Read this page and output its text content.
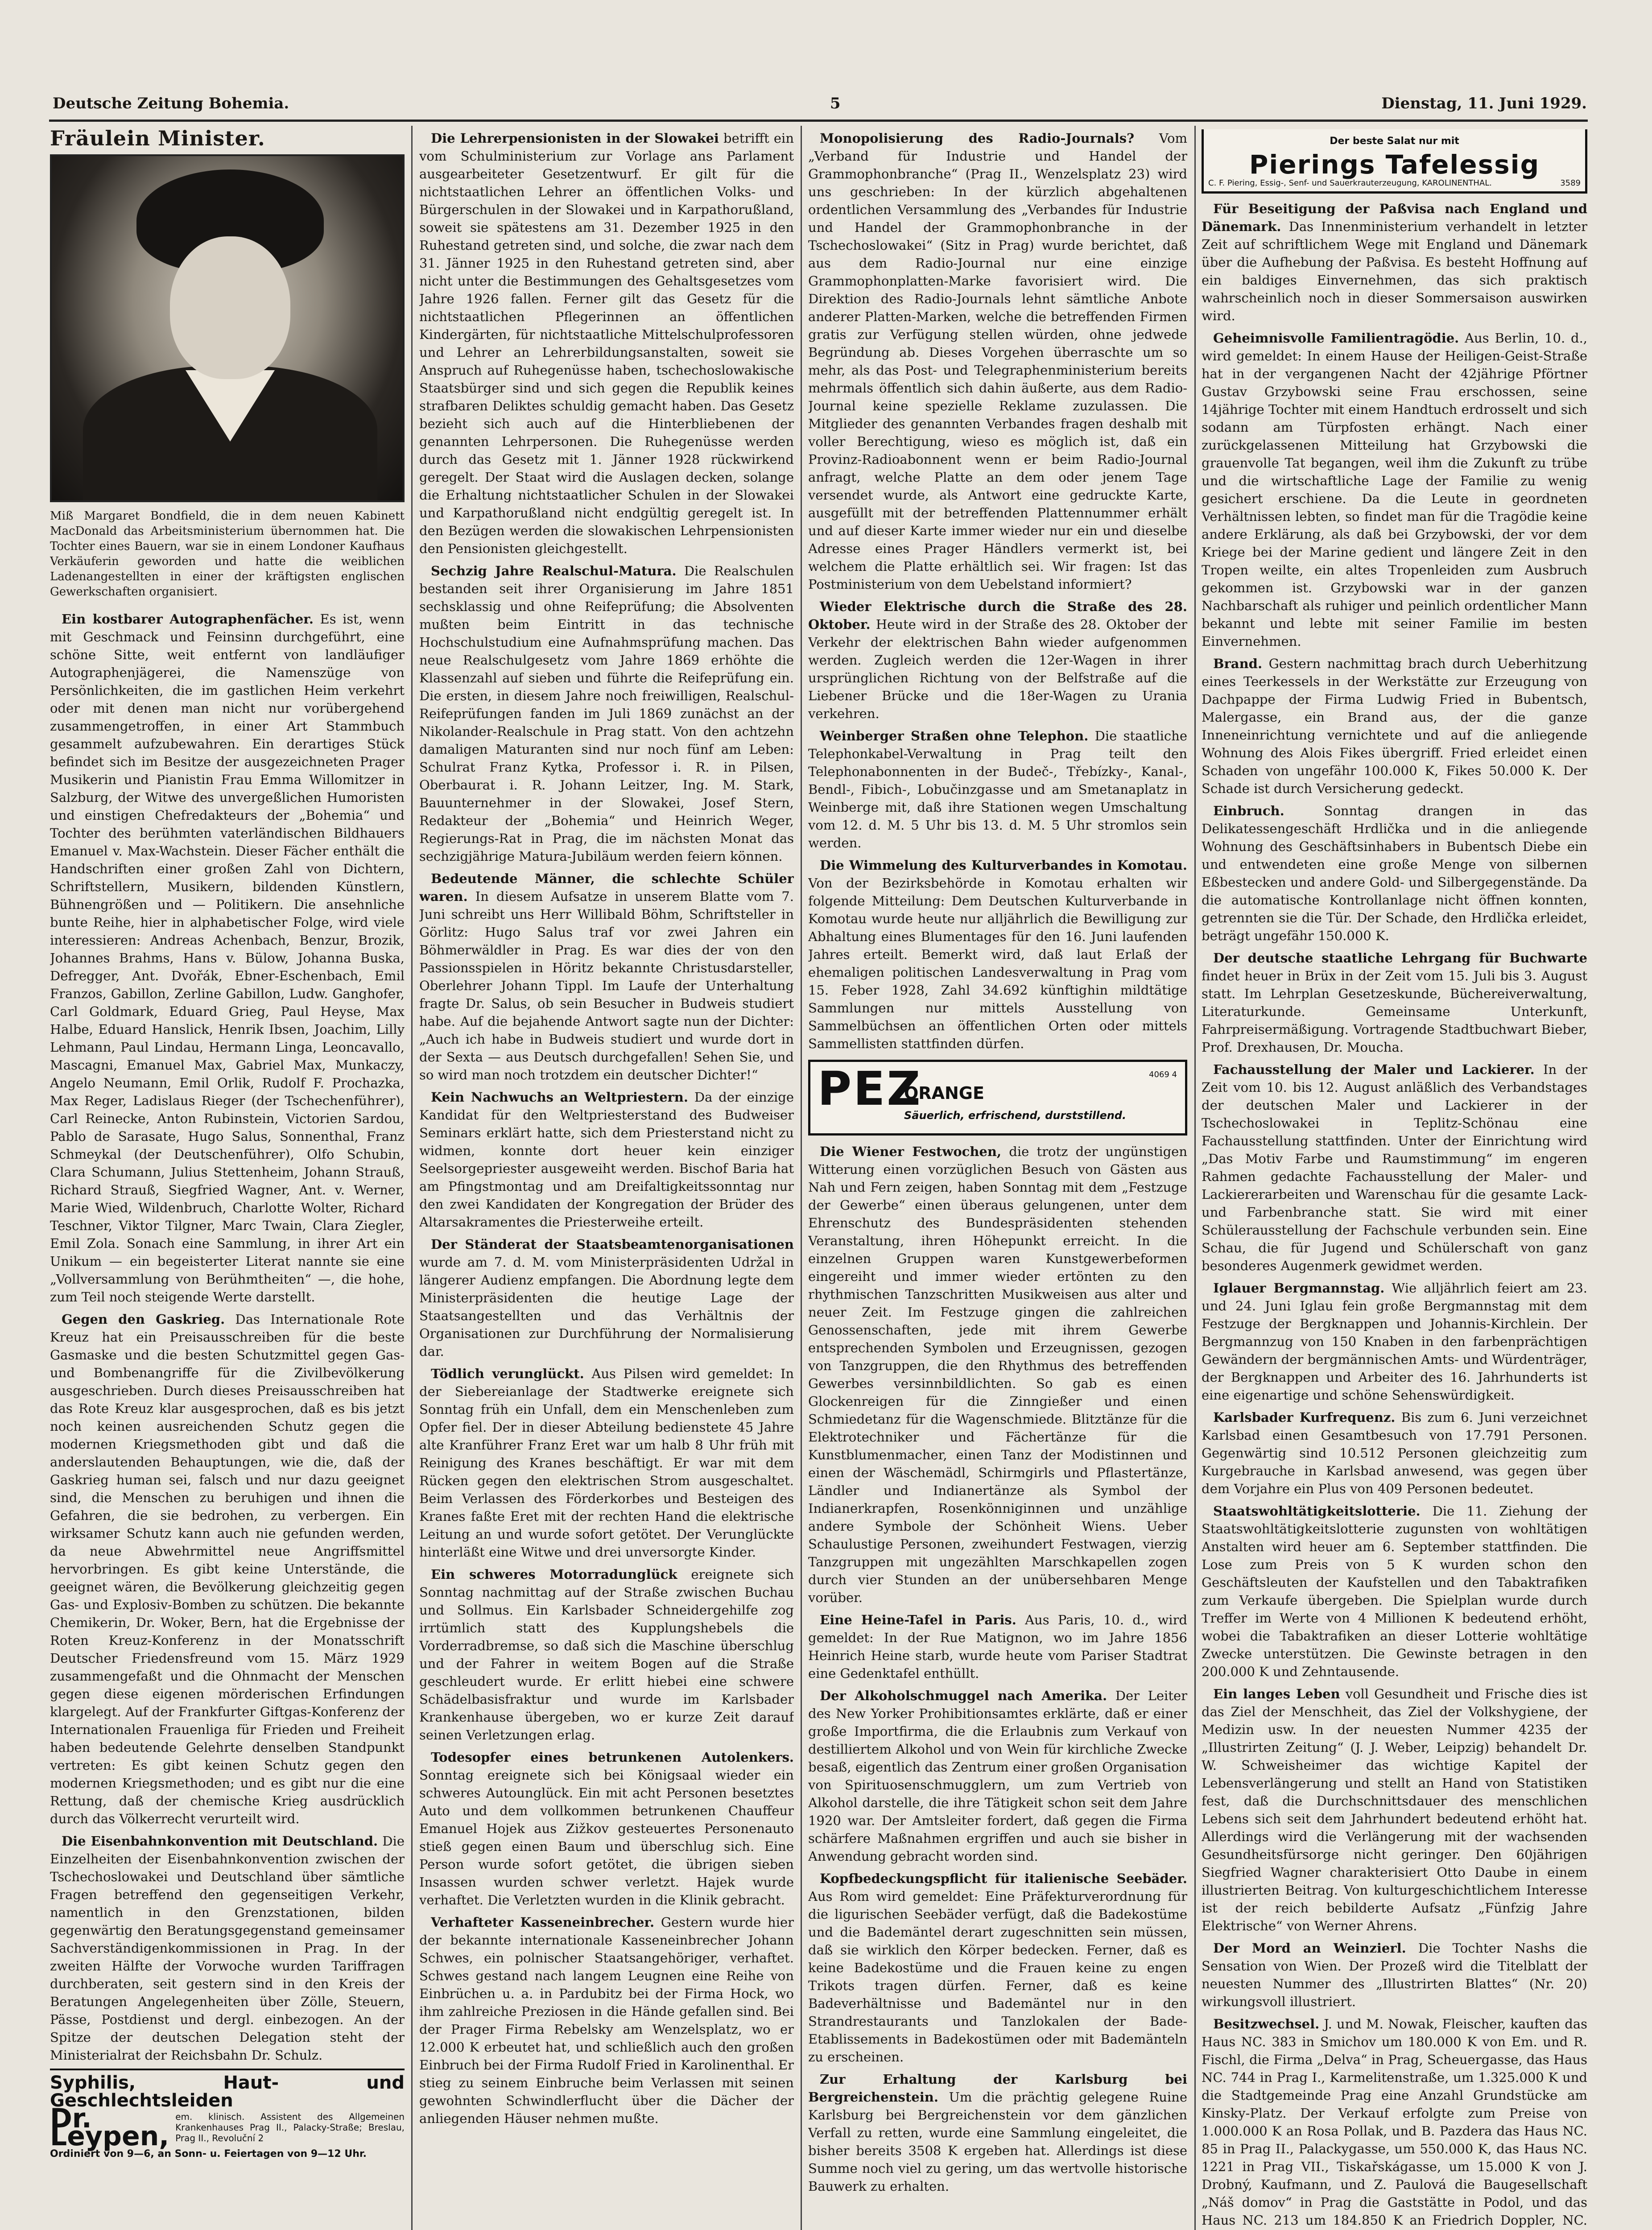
Deutsche Zeitung Bohemia.	5	Dienstag, 11. Juni 1929.
Fräulein Minister.
Miß Margaret Bondfield, die in dem neuen Kabinett MacDonald das Arbeitsministerium übernommen hat. Die Tochter eines Bauern, war sie in einem Londoner Kaufhaus Verkäuferin geworden und hatte die weiblichen Ladenangestellten in einer der kräftigsten englischen Gewerkschaften organisiert.

Ein kostbarer Autographenfächer. Es ist, wenn mit Geschmack und Feinsinn durchgeführt, eine schöne Sitte, weit entfernt von landläufiger Autographenjägerei, die Namenszüge von Persönlichkeiten, die im gastlichen Heim verkehrt oder mit denen man nicht nur vorübergehend zusammengetroffen, in einer Art Stammbuch gesammelt aufzubewahren. Ein derartiges Stück befindet sich im Besitze der ausgezeichneten Prager Musikerin und Pianistin Frau Emma Willomitzer in Salzburg, der Witwe des unvergeßlichen Humoristen und einstigen Chefredakteurs der „Bohemia“ und Tochter des berühmten vaterländischen Bildhauers Emanuel v. Max-Wachstein. Dieser Fächer enthält die Handschriften einer großen Zahl von Dichtern, Schriftstellern, Musikern, bildenden Künstlern, Bühnengrößen und — Politikern. Die ansehnliche bunte Reihe, hier in alphabetischer Folge, wird viele interessieren: Andreas Achenbach, Benzur, Brozik, Johannes Brahms, Hans v. Bülow, Johanna Buska, Defregger, Ant. Dvořák, Ebner-Eschenbach, Emil Franzos, Gabillon, Zerline Gabillon, Ludw. Ganghofer, Carl Goldmark, Eduard Grieg, Paul Heyse, Max Halbe, Eduard Hanslick, Henrik Ibsen, Joachim, Lilly Lehmann, Paul Lindau, Hermann Linga, Leoncavallo, Mascagni, Emanuel Max, Gabriel Max, Munkaczy, Angelo Neumann, Emil Orlik, Rudolf F. Prochazka, Max Reger, Ladislaus Rieger (der Tschechenführer), Carl Reinecke, Anton Rubinstein, Victorien Sardou, Pablo de Sarasate, Hugo Salus, Sonnenthal, Franz Schmeykal (der Deutschenführer), Olfo Schubin, Clara Schumann, Julius Stettenheim, Johann Strauß, Richard Strauß, Siegfried Wagner, Ant. v. Werner, Marie Wied, Wildenbruch, Charlotte Wolter, Richard Teschner, Viktor Tilgner, Marc Twain, Clara Ziegler, Emil Zola. Sonach eine Sammlung, in ihrer Art ein Unikum — ein begeisterter Literat nannte sie eine „Vollversammlung von Berühmtheiten“ —, die hohe, zum Teil noch steigende Werte darstellt.

Gegen den Gaskrieg. Das Internationale Rote Kreuz hat ein Preisausschreiben für die beste Gasmaske und die besten Schutzmittel gegen Gas- und Bombenangriffe für die Zivilbevölkerung ausgeschrieben. Durch dieses Preisausschreiben hat das Rote Kreuz klar ausgesprochen, daß es bis jetzt noch keinen ausreichenden Schutz gegen die modernen Kriegsmethoden gibt und daß die anderslautenden Behauptungen, wie die, daß der Gaskrieg human sei, falsch und nur dazu geeignet sind, die Menschen zu beruhigen und ihnen die Gefahren, die sie bedrohen, zu verbergen. Ein wirksamer Schutz kann auch nie gefunden werden, da neue Abwehrmittel neue Angriffsmittel hervorbringen. Es gibt keine Unterstände, die geeignet wären, die Bevölkerung gleichzeitig gegen Gas- und Explosiv-Bomben zu schützen. Die bekannte Chemikerin, Dr. Woker, Bern, hat die Ergebnisse der Roten Kreuz-Konferenz in der Monatsschrift Deutscher Friedensfreund vom 15. März 1929 zusammengefaßt und die Ohnmacht der Menschen gegen diese eigenen mörderischen Erfindungen klargelegt. Auf der Frankfurter Giftgas-Konferenz der Internationalen Frauenliga für Frieden und Freiheit haben bedeutende Gelehrte denselben Standpunkt vertreten: Es gibt keinen Schutz gegen den modernen Kriegsmethoden; und es gibt nur die eine Rettung, daß der chemische Krieg ausdrücklich durch das Völkerrecht verurteilt wird.

Die Eisenbahnkonvention mit Deutschland. Die Einzelheiten der Eisenbahnkonvention zwischen der Tschechoslowakei und Deutschland über sämtliche Fragen betreffend den gegenseitigen Verkehr, namentlich in den Grenzstationen, bilden gegenwärtig den Beratungsgegenstand gemeinsamer Sachverständigenkommissionen in Prag. In der zweiten Hälfte der Vorwoche wurden Tariffragen durchberaten, seit gestern sind in den Kreis der Beratungen Angelegenheiten über Zölle, Steuern, Pässe, Postdienst und dergl. einbezogen. An der Spitze der deutschen Delegation steht der Ministerialrat der Reichsbahn Dr. Schulz.

Syphilis, Haut- und Geschlechtsleiden
Dr. Leypen,
em. klinisch. Assistent des Allgemeinen Krankenhauses Prag II., Palacky-Straße; Breslau, Prag II., Revoluční 2
Ordiniert von 9—6, an Sonn- u. Feiertagen von 9—12 Uhr.

Die Lehrerpensionisten in der Slowakei betrifft ein vom Schulministerium zur Vorlage ans Parlament ausgearbeiteter Gesetzentwurf. Er gilt für die nichtstaatlichen Lehrer an öffentlichen Volks- und Bürgerschulen in der Slowakei und in Karpathorußland, soweit sie spätestens am 31. Dezember 1925 in den Ruhestand getreten sind, und solche, die zwar nach dem 31. Jänner 1925 in den Ruhestand getreten sind, aber nicht unter die Bestimmungen des Gehaltsgesetzes vom Jahre 1926 fallen. Ferner gilt das Gesetz für die nichtstaatlichen Pflegerinnen an öffentlichen Kindergärten, für nichtstaatliche Mittelschulprofessoren und Lehrer an Lehrerbildungsanstalten, soweit sie Anspruch auf Ruhegenüsse haben, tschechoslowakische Staatsbürger sind und sich gegen die Republik keines strafbaren Deliktes schuldig gemacht haben. Das Gesetz bezieht sich auch auf die Hinterbliebenen der genannten Lehrpersonen. Die Ruhegenüsse werden durch das Gesetz mit 1. Jänner 1928 rückwirkend geregelt. Der Staat wird die Auslagen decken, solange die Erhaltung nichtstaatlicher Schulen in der Slowakei und Karpathorußland nicht endgültig geregelt ist. In den Bezügen werden die slowakischen Lehrpensionisten den Pensionisten gleichgestellt.

Sechzig Jahre Realschul-Matura. Die Realschulen bestanden seit ihrer Organisierung im Jahre 1851 sechsklassig und ohne Reifeprüfung; die Absolventen mußten beim Eintritt in das technische Hochschulstudium eine Aufnahmsprüfung machen. Das neue Realschulgesetz vom Jahre 1869 erhöhte die Klassenzahl auf sieben und führte die Reifeprüfung ein. Die ersten, in diesem Jahre noch freiwilligen, Realschul-Reifeprüfungen fanden im Juli 1869 zunächst an der Nikolander-Realschule in Prag statt. Von den achtzehn damaligen Maturanten sind nur noch fünf am Leben: Schulrat Franz Kytka, Professor i. R. in Pilsen, Oberbaurat i. R. Johann Leitzer, Ing. M. Stark, Bauunternehmer in der Slowakei, Josef Stern, Redakteur der „Bohemia“ und Heinrich Weger, Regierungs-Rat in Prag, die im nächsten Monat das sechzigjährige Matura-Jubiläum werden feiern können.

Bedeutende Männer, die schlechte Schüler waren. In diesem Aufsatze in unserem Blatte vom 7. Juni schreibt uns Herr Willibald Böhm, Schriftsteller in Görlitz: Hugo Salus traf vor zwei Jahren ein Böhmerwäldler in Prag. Es war dies der von den Passionsspielen in Höritz bekannte Christusdarsteller, Oberlehrer Johann Tippl. Im Laufe der Unterhaltung fragte Dr. Salus, ob sein Besucher in Budweis studiert habe. Auf die bejahende Antwort sagte nun der Dichter: „Auch ich habe in Budweis studiert und wurde dort in der Sexta — aus Deutsch durchgefallen! Sehen Sie, und so wird man noch trotzdem ein deutscher Dichter!“

Kein Nachwuchs an Weltpriestern. Da der einzige Kandidat für den Weltpriesterstand des Budweiser Seminars erklärt hatte, sich dem Priesterstand nicht zu widmen, konnte dort heuer kein einziger Seelsorgepriester ausgeweiht werden. Bischof Baria hat am Pfingstmontag und am Dreifaltigkeitssonntag nur den zwei Kandidaten der Kongregation der Brüder des Altarsakramentes die Priesterweihe erteilt.

Der Ständerat der Staatsbeamtenorganisationen wurde am 7. d. M. vom Ministerpräsidenten Udržal in längerer Audienz empfangen. Die Abordnung legte dem Ministerpräsidenten die heutige Lage der Staatsangestellten und das Verhältnis der Organisationen zur Durchführung der Normalisierung dar.

Tödlich verunglückt. Aus Pilsen wird gemeldet: In der Siebereianlage der Stadtwerke ereignete sich Sonntag früh ein Unfall, dem ein Menschenleben zum Opfer fiel. Der in dieser Abteilung bedienstete 45 Jahre alte Kranführer Franz Eret war um halb 8 Uhr früh mit Reinigung des Kranes beschäftigt. Er war mit dem Rücken gegen den elektrischen Strom ausgeschaltet. Beim Verlassen des Förderkorbes und Besteigen des Kranes faßte Eret mit der rechten Hand die elektrische Leitung an und wurde sofort getötet. Der Verunglückte hinterläßt eine Witwe und drei unversorgte Kinder.

Ein schweres Motorradunglück ereignete sich Sonntag nachmittag auf der Straße zwischen Buchau und Sollmus. Ein Karlsbader Schneidergehilfe zog irrtümlich statt des Kupplungshebels die Vorderradbremse, so daß sich die Maschine überschlug und der Fahrer in weitem Bogen auf die Straße geschleudert wurde. Er erlitt hiebei eine schwere Schädelbasisfraktur und wurde im Karlsbader Krankenhause übergeben, wo er kurze Zeit darauf seinen Verletzungen erlag.

Todesopfer eines betrunkenen Autolenkers. Sonntag ereignete sich bei Königsaal wieder ein schweres Autounglück. Ein mit acht Personen besetztes Auto und dem vollkommen betrunkenen Chauffeur Emanuel Hojek aus Zižkov gesteuertes Personenauto stieß gegen einen Baum und überschlug sich. Eine Person wurde sofort getötet, die übrigen sieben Insassen wurden schwer verletzt. Hajek wurde verhaftet. Die Verletzten wurden in die Klinik gebracht.

Verhafteter Kasseneinbrecher. Gestern wurde hier der bekannte internationale Kasseneinbrecher Johann Schwes, ein polnischer Staatsangehöriger, verhaftet. Schwes gestand nach langem Leugnen eine Reihe von Einbrüchen u. a. in Pardubitz bei der Firma Hock, wo ihm zahlreiche Preziosen in die Hände gefallen sind. Bei der Prager Firma Rebelsky am Wenzelsplatz, wo er 12.000 K erbeutet hat, und schließlich auch den großen Einbruch bei der Firma Rudolf Fried in Karolinenthal. Er stieg zu seinem Einbruche beim Verlassen mit seinen gewohnten Schwindlerflucht über die Dächer der anliegenden Häuser nehmen mußte.

Monopolisierung des Radio-Journals? Vom „Verband für Industrie und Handel der Grammophonbranche“ (Prag II., Wenzelsplatz 23) wird uns geschrieben: In der kürzlich abgehaltenen ordentlichen Versammlung des „Verbandes für Industrie und Handel der Grammophonbranche in der Tschechoslowakei“ (Sitz in Prag) wurde berichtet, daß aus dem Radio-Journal nur eine einzige Grammophonplatten-Marke favorisiert wird. Die Direktion des Radio-Journals lehnt sämtliche Anbote anderer Platten-Marken, welche die betreffenden Firmen gratis zur Verfügung stellen würden, ohne jedwede Begründung ab. Dieses Vorgehen überraschte um so mehr, als das Post- und Telegraphenministerium bereits mehrmals öffentlich sich dahin äußerte, aus dem Radio-Journal keine spezielle Reklame zuzulassen. Die Mitglieder des genannten Verbandes fragen deshalb mit voller Berechtigung, wieso es möglich ist, daß ein Provinz-Radioabonnent wenn er beim Radio-Journal anfragt, welche Platte an dem oder jenem Tage versendet wurde, als Antwort eine gedruckte Karte, ausgefüllt mit der betreffenden Plattennummer erhält und auf dieser Karte immer wieder nur ein und dieselbe Adresse eines Prager Händlers vermerkt ist, bei welchem die Platte erhältlich sei. Wir fragen: Ist das Postministerium von dem Uebelstand informiert?

Wieder Elektrische durch die Straße des 28. Oktober. Heute wird in der Straße des 28. Oktober der Verkehr der elektrischen Bahn wieder aufgenommen werden. Zugleich werden die 12er-Wagen in ihrer ursprünglichen Richtung von der Belfstraße auf die Liebener Brücke und die 18er-Wagen zu Urania verkehren.

Weinberger Straßen ohne Telephon. Die staatliche Telephonkabel-Verwaltung in Prag teilt den Telephonabonnenten in der Budeč-, Třebízky-, Kanal-, Bendl-, Fibich-, Lobučinzgasse und am Smetanaplatz in Weinberge mit, daß ihre Stationen wegen Umschaltung vom 12. d. M. 5 Uhr bis 13. d. M. 5 Uhr stromlos sein werden.

Die Wimmelung des Kulturverbandes in Komotau. Von der Bezirksbehörde in Komotau erhalten wir folgende Mitteilung: Dem Deutschen Kulturverbande in Komotau wurde heute nur alljährlich die Bewilligung zur Abhaltung eines Blumentages für den 16. Juni laufenden Jahres erteilt. Bemerkt wird, daß laut Erlaß der ehemaligen politischen Landesverwaltung in Prag vom 15. Feber 1928, Zahl 34.692 künftighin mildtätige Sammlungen nur mittels Ausstellung von Sammelbüchsen an öffentlichen Orten oder mittels Sammellisten stattfinden dürfen.

PEZ
ORANGE
Säuerlich, erfrischend, durststillend.
4069 4

Die Wiener Festwochen, die trotz der ungünstigen Witterung einen vorzüglichen Besuch von Gästen aus Nah und Fern zeigen, haben Sonntag mit dem „Festzuge der Gewerbe“ einen überaus gelungenen, unter dem Ehrenschutz des Bundespräsidenten stehenden Veranstaltung, ihren Höhepunkt erreicht. In die einzelnen Gruppen waren Kunstgewerbeformen eingereiht und immer wieder ertönten zu den rhythmischen Tanzschritten Musikweisen aus alter und neuer Zeit. Im Festzuge gingen die zahlreichen Genossenschaften, jede mit ihrem Gewerbe entsprechenden Symbolen und Erzeugnissen, gezogen von Tanzgruppen, die den Rhythmus des betreffenden Gewerbes versinnbildlichten. So gab es einen Glockenreigen für die Zinngießer und einen Schmiedetanz für die Wagenschmiede. Blitztänze für die Elektrotechniker und Fächertänze für die Kunstblumenmacher, einen Tanz der Modistinnen und einen der Wäschemädl, Schirmgirls und Pflastertänze, Ländler und Indianertänze als Symbol der Indianerkrapfen, Rosenkönniginnen und unzählige andere Symbole der Schönheit Wiens. Ueber Schaulustige Personen, zweihundert Festwagen, vierzig Tanzgruppen mit ungezählten Marschkapellen zogen durch vier Stunden an der unübersehbaren Menge vorüber.

Eine Heine-Tafel in Paris. Aus Paris, 10. d., wird gemeldet: In der Rue Matignon, wo im Jahre 1856 Heinrich Heine starb, wurde heute vom Pariser Stadtrat eine Gedenktafel enthüllt.

Der Alkoholschmuggel nach Amerika. Der Leiter des New Yorker Prohibitionsamtes erklärte, daß er einer große Importfirma, die die Erlaubnis zum Verkauf von destilliertem Alkohol und von Wein für kirchliche Zwecke besaß, eigentlich das Zentrum einer großen Organisation von Spirituosenschmugglern, um zum Vertrieb von Alkohol darstelle, die ihre Tätigkeit schon seit dem Jahre 1920 war. Der Amtsleiter fordert, daß gegen die Firma schärfere Maßnahmen ergriffen und auch sie bisher in Anwendung gebracht worden sind.

Kopfbedeckungspflicht für italienische Seebäder. Aus Rom wird gemeldet: Eine Präfekturverordnung für die ligurischen Seebäder verfügt, daß die Badekostüme und die Bademäntel derart zugeschnitten sein müssen, daß sie wirklich den Körper bedecken. Ferner, daß es keine Badekostüme und die Frauen keine zu engen Trikots tragen dürfen. Ferner, daß es keine Badeverhältnisse und Bademäntel nur in den Strandrestaurants und Tanzlokalen der Bade-Etablissements in Badekostümen oder mit Bademänteln zu erscheinen.

Zur Erhaltung der Karlsburg bei Bergreichenstein. Um die prächtig gelegene Ruine Karlsburg bei Bergreichenstein vor dem gänzlichen Verfall zu retten, wurde eine Sammlung eingeleitet, die bisher bereits 3508 K ergeben hat. Allerdings ist diese Summe noch viel zu gering, um das wertvolle historische Bauwerk zu erhalten.

Der beste Salat nur mit
Pierings Tafelessig
C. F. Piering, Essig-, Senf- und Sauerkrauterzeugung, KAROLINENTHAL.	3589

Für Beseitigung der Paßvisa nach England und Dänemark. Das Innenministerium verhandelt in letzter Zeit auf schriftlichem Wege mit England und Dänemark über die Aufhebung der Paßvisa. Es besteht Hoffnung auf ein baldiges Einvernehmen, das sich praktisch wahrscheinlich noch in dieser Sommersaison auswirken wird.

Geheimnisvolle Familientragödie. Aus Berlin, 10. d., wird gemeldet: In einem Hause der Heiligen-Geist-Straße hat in der vergangenen Nacht der 42jährige Pförtner Gustav Grzybowski seine Frau erschossen, seine 14jährige Tochter mit einem Handtuch erdrosselt und sich sodann am Türpfosten erhängt. Nach einer zurückgelassenen Mitteilung hat Grzybowski die grauenvolle Tat begangen, weil ihm die Zukunft zu trübe und die wirtschaftliche Lage der Familie zu wenig gesichert erschiene. Da die Leute in geordneten Verhältnissen lebten, so findet man für die Tragödie keine andere Erklärung, als daß bei Grzybowski, der vor dem Kriege bei der Marine gedient und längere Zeit in den Tropen weilte, ein altes Tropenleiden zum Ausbruch gekommen ist. Grzybowski war in der ganzen Nachbarschaft als ruhiger und peinlich ordentlicher Mann bekannt und lebte mit seiner Familie im besten Einvernehmen.

Brand. Gestern nachmittag brach durch Ueberhitzung eines Teerkessels in der Werkstätte zur Erzeugung von Dachpappe der Firma Ludwig Fried in Bubentsch, Malergasse, ein Brand aus, der die ganze Inneneinrichtung vernichtete und auf die anliegende Wohnung des Alois Fikes übergriff. Fried erleidet einen Schaden von ungefähr 100.000 K, Fikes 50.000 K. Der Schade ist durch Versicherung gedeckt.

Einbruch.	Sonntag drangen in das Delikatessengeschäft Hrdlička und in die anliegende Wohnung des Geschäftsinhabers in Bubentsch Diebe ein und entwendeten eine große Menge von silbernen Eßbestecken und andere Gold- und Silbergegenstände. Da die automatische Kontrollanlage nicht öffnen konnten, getrennten sie die Tür. Der Schade, den Hrdlička erleidet, beträgt ungefähr 150.000 K.

Der deutsche staatliche Lehrgang für Buchwarte findet heuer in Brüx in der Zeit vom 15. Juli bis 3. August statt. Im Lehrplan Gesetzeskunde, Büchereiverwaltung, Literaturkunde. Gemeinsame Unterkunft, Fahrpreisermäßigung. Vortragende Stadtbuchwart Bieber, Prof. Drexhausen, Dr. Moucha.

Fachausstellung der Maler und Lackierer. In der Zeit vom 10. bis 12. August anläßlich des Verbandstages der deutschen Maler und Lackierer in der Tschechoslowakei in Teplitz-Schönau eine Fachausstellung stattfinden. Unter der Einrichtung wird „Das Motiv Farbe und Raumstimmung“ im engeren Rahmen gedachte Fachausstellung der Maler- und Lackiererarbeiten und Warenschau für die gesamte Lack- und Farbenbranche statt. Sie wird mit einer Schülerausstellung der Fachschule verbunden sein. Eine Schau, die für Jugend und Schülerschaft von ganz besonderes Augenmerk gewidmet werden.

Iglauer Bergmannstag. Wie alljährlich feiert am 23. und 24. Juni Iglau fein große Bergmannstag mit dem Festzuge der Bergknappen und Johannis-Kirchlein. Der Bergmannzug von 150 Knaben in den farbenprächtigen Gewändern der bergmännischen Amts- und Würdenträger, der Bergknappen und Arbeiter des 16. Jahrhunderts ist eine eigenartige und schöne Sehenswürdigkeit.

Karlsbader Kurfrequenz. Bis zum 6. Juni verzeichnet Karlsbad einen Gesamtbesuch von 17.791 Personen. Gegenwärtig sind 10.512 Personen gleichzeitig zum Kurgebrauche in Karlsbad anwesend, was gegen über dem Vorjahre ein Plus von 409 Personen bedeutet.

Staatswohltätigkeitslotterie. Die 11. Ziehung der Staatswohltätigkeitslotterie zugunsten von wohltätigen Anstalten wird heuer am 6. September stattfinden. Die Lose zum Preis von 5 K wurden schon den Geschäftsleuten der Kaufstellen und den Tabaktrafiken zum Verkaufe übergeben. Die Spielplan wurde durch Treffer im Werte von 4 Millionen K bedeutend erhöht, wobei die Tabaktrafiken an dieser Lotterie wohltätige Zwecke unterstützen. Die Gewinste betragen in den 200.000 K und Zehntausende.

Ein langes Leben voll Gesundheit und Frische dies ist das Ziel der Menschheit, das Ziel der Volkshygiene, der Medizin usw. In der neuesten Nummer 4235 der „Illustrirten Zeitung“ (J. J. Weber, Leipzig) behandelt Dr. W. Schweisheimer das wichtige Kapitel der Lebensverlängerung und stellt an Hand von Statistiken fest, daß die Durchschnittsdauer des menschlichen Lebens sich seit dem Jahrhundert bedeutend erhöht hat. Allerdings wird die Verlängerung mit der wachsenden Gesundheitsfürsorge nicht geringer. Den 60jährigen Siegfried Wagner charakterisiert Otto Daube in einem illustrierten Beitrag. Von kulturgeschichtlichem Interesse ist der reich bebilderte Aufsatz „Fünfzig Jahre Elektrische“ von Werner Ahrens.

Der Mord an Weinzierl. Die Tochter Nashs die Sensation von Wien. Der Prozeß wird die Titelblatt der neuesten Nummer des „Illustrirten Blattes“ (Nr. 20) wirkungsvoll illustriert.

Besitzwechsel. J. und M. Nowak, Fleischer, kauften das Haus NC. 383 in Smichov um 180.000 K von Em. und R. Fischl, die Firma „Delva“ in Prag, Scheuergasse, das Haus NC. 744 in Prag I., Karmelitenstraße, um 1.325.000 K und die Stadtgemeinde Prag eine Anzahl Grundstücke am Kinsky-Platz. Der Verkauf erfolgte zum Preise von 1.000.000 K an Rosa Pollak, und B. Pazdera das Haus NC. 85 in Prag II., Palackygasse, um 550.000 K, das Haus NC. 1221 in Prag VII., Tiskařskágasse, um 15.000 K von J. Drobný, Kaufmann, und Z. Paulová die Baugesellschaft „Náš domov“ in Prag die Gaststätte in Podol, und das Haus NC. 213 um 184.850 K an Friedrich Doppler, NC.
